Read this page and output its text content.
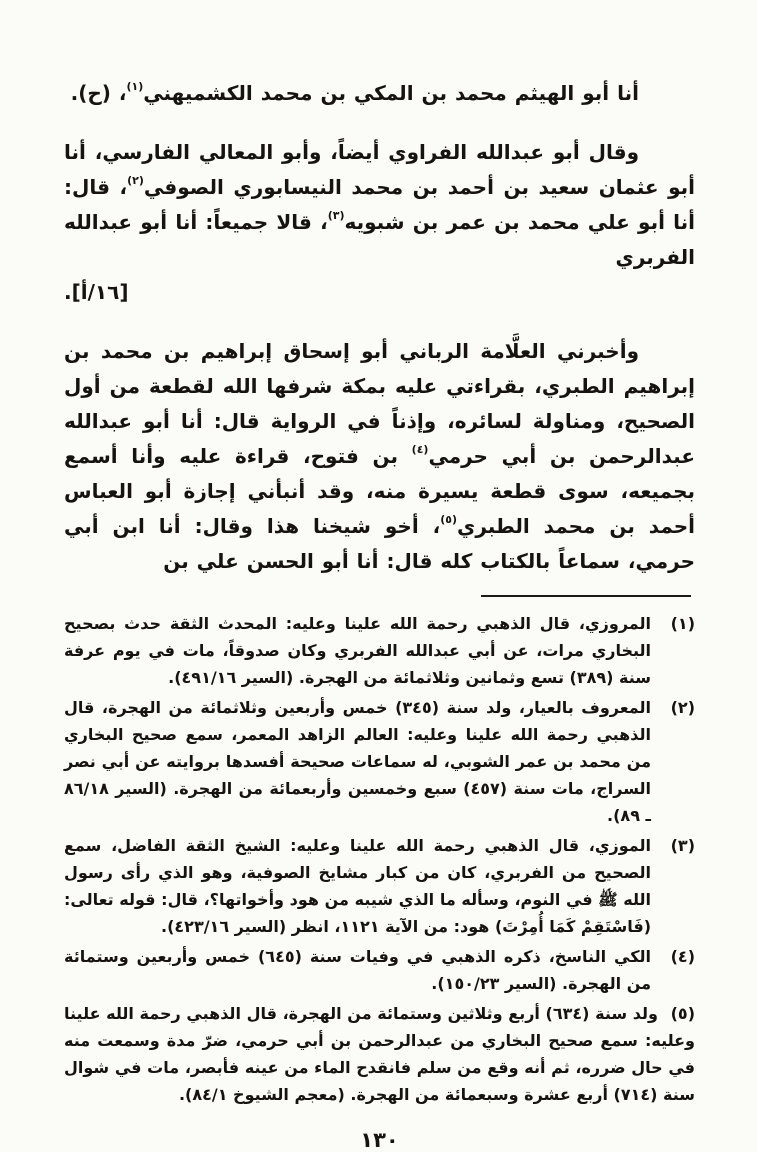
أنا أبو الهيثم محمد بن المكي بن محمد الكشميهني$^{(١)}$، (ح).

وقال أبو عبدالله الفراوي أيضاً، وأبو المعالي الفارسي، أنا أبو عثمان سعيد بن أحمد بن محمد النيسابوري الصوفي$^{(٢)}$، قال: أنا أبو علي محمد بن عمر بن شبويه$^{(٣)}$، قالا جميعاً: أنا أبو عبدالله الفربري

[١٦/أ].

وأخبرني العلَّامة الرباني أبو إسحاق إبراهيم بن محمد بن إبراهيم الطبري، بقراءتي عليه بمكة شرفها الله لقطعة من أول الصحيح، ومناولة لسائره، وإذناً في الرواية قال: أنا أبو عبدالله عبدالرحمن بن أبي حرمي$^{(٤)}$ بن فتوح، قراءة عليه وأنا أسمع بجميعه، سوى قطعة يسيرة منه، وقد أنبأني إجازة أبو العباس أحمد بن محمد الطبري$^{(٥)}$، أخو شيخنا هذا وقال: أنا ابن أبي حرمي، سماعاً بالكتاب كله قال: أنا أبو الحسن علي بن

(١)
المروزي، قال الذهبي رحمة الله علينا وعليه: المحدث الثقة حدث بصحيح البخاري مرات، عن أبي عبدالله الفربري وكان صدوقاً، مات في يوم عرفة سنة (٣٨٩) تسع وثمانين وثلاثمائة من الهجرة. (السير ٤٩١/١٦).
(٢)
المعروف بالعيار، ولد سنة (٣٤٥) خمس وأربعين وثلاثمائة من الهجرة، قال الذهبي رحمة الله علينا وعليه: العالم الزاهد المعمر، سمع صحيح البخاري من محمد بن عمر الشوبي، له سماعات صحيحة أفسدها بروايته عن أبي نصر السراج، مات سنة (٤٥٧) سبع وخمسين وأربعمائة من الهجرة. (السير ٨٦/١٨ ـ ٨٩).
(٣)
الموزي، قال الذهبي رحمة الله علينا وعليه: الشيخ الثقة الفاضل، سمع الصحيح من الفربري، كان من كبار مشايخ الصوفية، وهو الذي رأى رسول الله ﷺ في النوم، وسأله ما الذي شيبه من هود وأخواتها؟، قال: قوله تعالى: (فَاسْتَقِمْ كَمَا أُمِرْتَ) هود: من الآية ١١٢١، انظر (السير ٤٢٣/١٦).
(٤)
الكي الناسخ، ذكره الذهبي في وفيات سنة (٦٤٥) خمس وأربعين وستمائة من الهجرة. (السير ١٥٠/٢٣).
(٥) ولد سنة (٦٣٤) أربع وثلاثين وستمائة من الهجرة، قال الذهبي رحمة الله علينا وعليه: سمع صحيح البخاري من عبدالرحمن بن أبي حرمي، ضرّ مدة وسمعت منه في حال ضرره، ثم أنه وقع من سلم فانقدح الماء من عينه فأبصر، مات في شوال سنة (٧١٤) أربع عشرة وسبعمائة من الهجرة. (معجم الشيوخ ٨٤/١).
١٣٠
